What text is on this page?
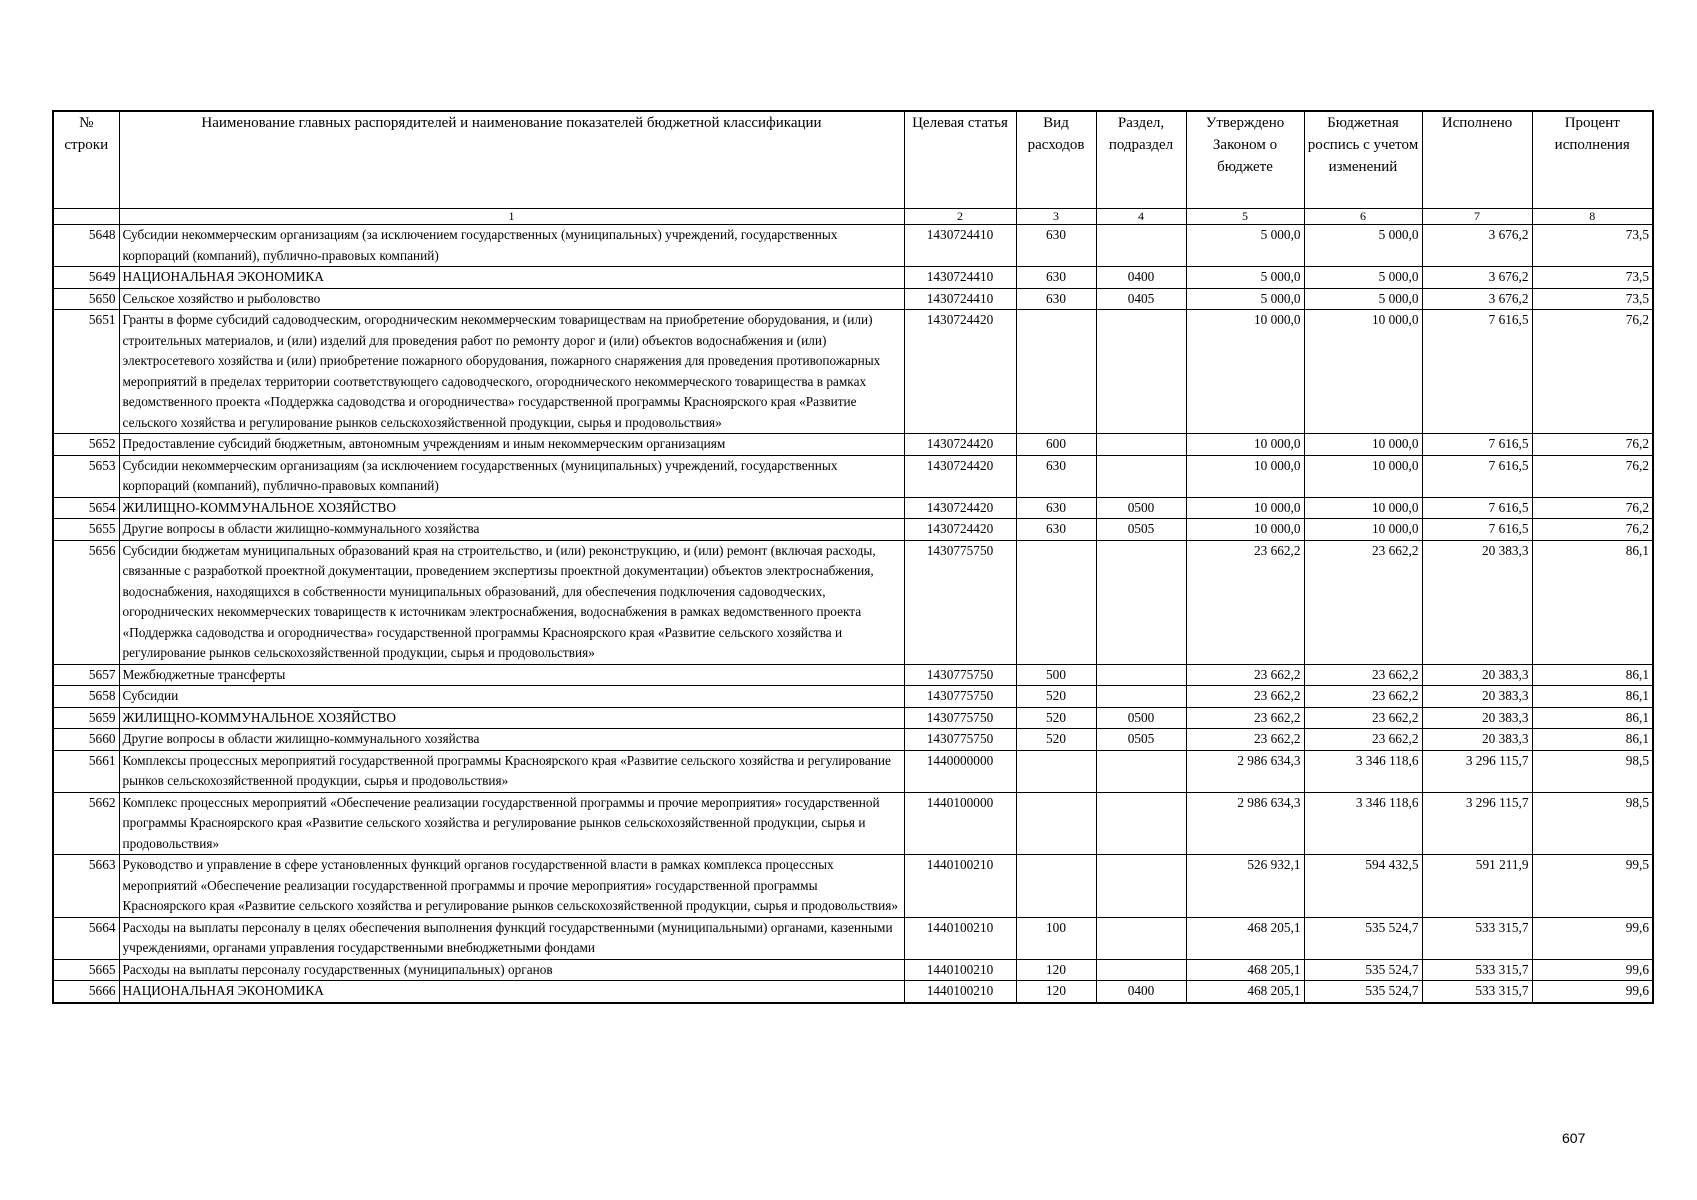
№ строки	Наименование главных распорядителей и наименование показателей бюджетной классификации	Целевая статья	Вид расходов	Раздел, подраздел	Утверждено Законом о бюджете	Бюджетная роспись с учетом изменений	Исполнено	Процент исполнения
	1	2	3	4	5	6	7	8
5648	Субсидии некоммерческим организациям (за исключением государственных (муниципальных) учреждений, государственных корпораций (компаний), публично-правовых компаний)	1430724410	630		5 000,0	5 000,0	3 676,2	73,5
5649	НАЦИОНАЛЬНАЯ ЭКОНОМИКА	1430724410	630	0400	5 000,0	5 000,0	3 676,2	73,5
5650	Сельское хозяйство и рыболовство	1430724410	630	0405	5 000,0	5 000,0	3 676,2	73,5
5651	Гранты в форме субсидий садоводческим, огородническим некоммерческим товариществам на приобретение оборудования, и (или) строительных материалов, и (или) изделий для проведения работ по ремонту дорог и (или) объектов водоснабжения и (или) электросетевого хозяйства и (или) приобретение пожарного оборудования, пожарного снаряжения для проведения противопожарных мероприятий в пределах территории соответствующего садоводческого, огороднического некоммерческого товарищества в рамках ведомственного проекта «Поддержка садоводства и огородничества» государственной программы Красноярского края «Развитие сельского хозяйства и регулирование рынков сельскохозяйственной продукции, сырья и продовольствия»	1430724420			10 000,0	10 000,0	7 616,5	76,2
5652	Предоставление субсидий бюджетным, автономным учреждениям и иным некоммерческим организациям	1430724420	600		10 000,0	10 000,0	7 616,5	76,2
5653	Субсидии некоммерческим организациям (за исключением государственных (муниципальных) учреждений, государственных корпораций (компаний), публично-правовых компаний)	1430724420	630		10 000,0	10 000,0	7 616,5	76,2
5654	ЖИЛИЩНО-КОММУНАЛЬНОЕ ХОЗЯЙСТВО	1430724420	630	0500	10 000,0	10 000,0	7 616,5	76,2
5655	Другие вопросы в области жилищно-коммунального хозяйства	1430724420	630	0505	10 000,0	10 000,0	7 616,5	76,2
5656	Субсидии бюджетам муниципальных образований края на строительство, и (или) реконструкцию, и (или) ремонт (включая расходы, связанные с разработкой проектной документации, проведением экспертизы проектной документации) объектов электроснабжения, водоснабжения, находящихся в собственности муниципальных образований, для обеспечения подключения садоводческих, огороднических некоммерческих товариществ к источникам электроснабжения, водоснабжения в рамках ведомственного проекта «Поддержка садоводства и огородничества» государственной программы Красноярского края «Развитие сельского хозяйства и регулирование рынков сельскохозяйственной продукции, сырья и продовольствия»	1430775750			23 662,2	23 662,2	20 383,3	86,1
5657	Межбюджетные трансферты	1430775750	500		23 662,2	23 662,2	20 383,3	86,1
5658	Субсидии	1430775750	520		23 662,2	23 662,2	20 383,3	86,1
5659	ЖИЛИЩНО-КОММУНАЛЬНОЕ ХОЗЯЙСТВО	1430775750	520	0500	23 662,2	23 662,2	20 383,3	86,1
5660	Другие вопросы в области жилищно-коммунального хозяйства	1430775750	520	0505	23 662,2	23 662,2	20 383,3	86,1
5661	Комплексы процессных мероприятий государственной программы Красноярского края «Развитие сельского хозяйства и регулирование рынков сельскохозяйственной продукции, сырья и продовольствия»	1440000000			2 986 634,3	3 346 118,6	3 296 115,7	98,5
5662	Комплекс процессных мероприятий «Обеспечение реализации государственной программы и прочие мероприятия» государственной программы Красноярского края «Развитие сельского хозяйства и регулирование рынков сельскохозяйственной продукции, сырья и продовольствия»	1440100000			2 986 634,3	3 346 118,6	3 296 115,7	98,5
5663	Руководство и управление в сфере установленных функций органов государственной власти в рамках комплекса процессных мероприятий «Обеспечение реализации государственной программы и прочие мероприятия» государственной программы Красноярского края «Развитие сельского хозяйства и регулирование рынков сельскохозяйственной продукции, сырья и продовольствия»	1440100210			526 932,1	594 432,5	591 211,9	99,5
5664	Расходы на выплаты персоналу в целях обеспечения выполнения функций государственными (муниципальными) органами, казенными учреждениями, органами управления государственными внебюджетными фондами	1440100210	100		468 205,1	535 524,7	533 315,7	99,6
5665	Расходы на выплаты персоналу государственных (муниципальных) органов	1440100210	120		468 205,1	535 524,7	533 315,7	99,6
5666	НАЦИОНАЛЬНАЯ ЭКОНОМИКА	1440100210	120	0400	468 205,1	535 524,7	533 315,7	99,6
607
